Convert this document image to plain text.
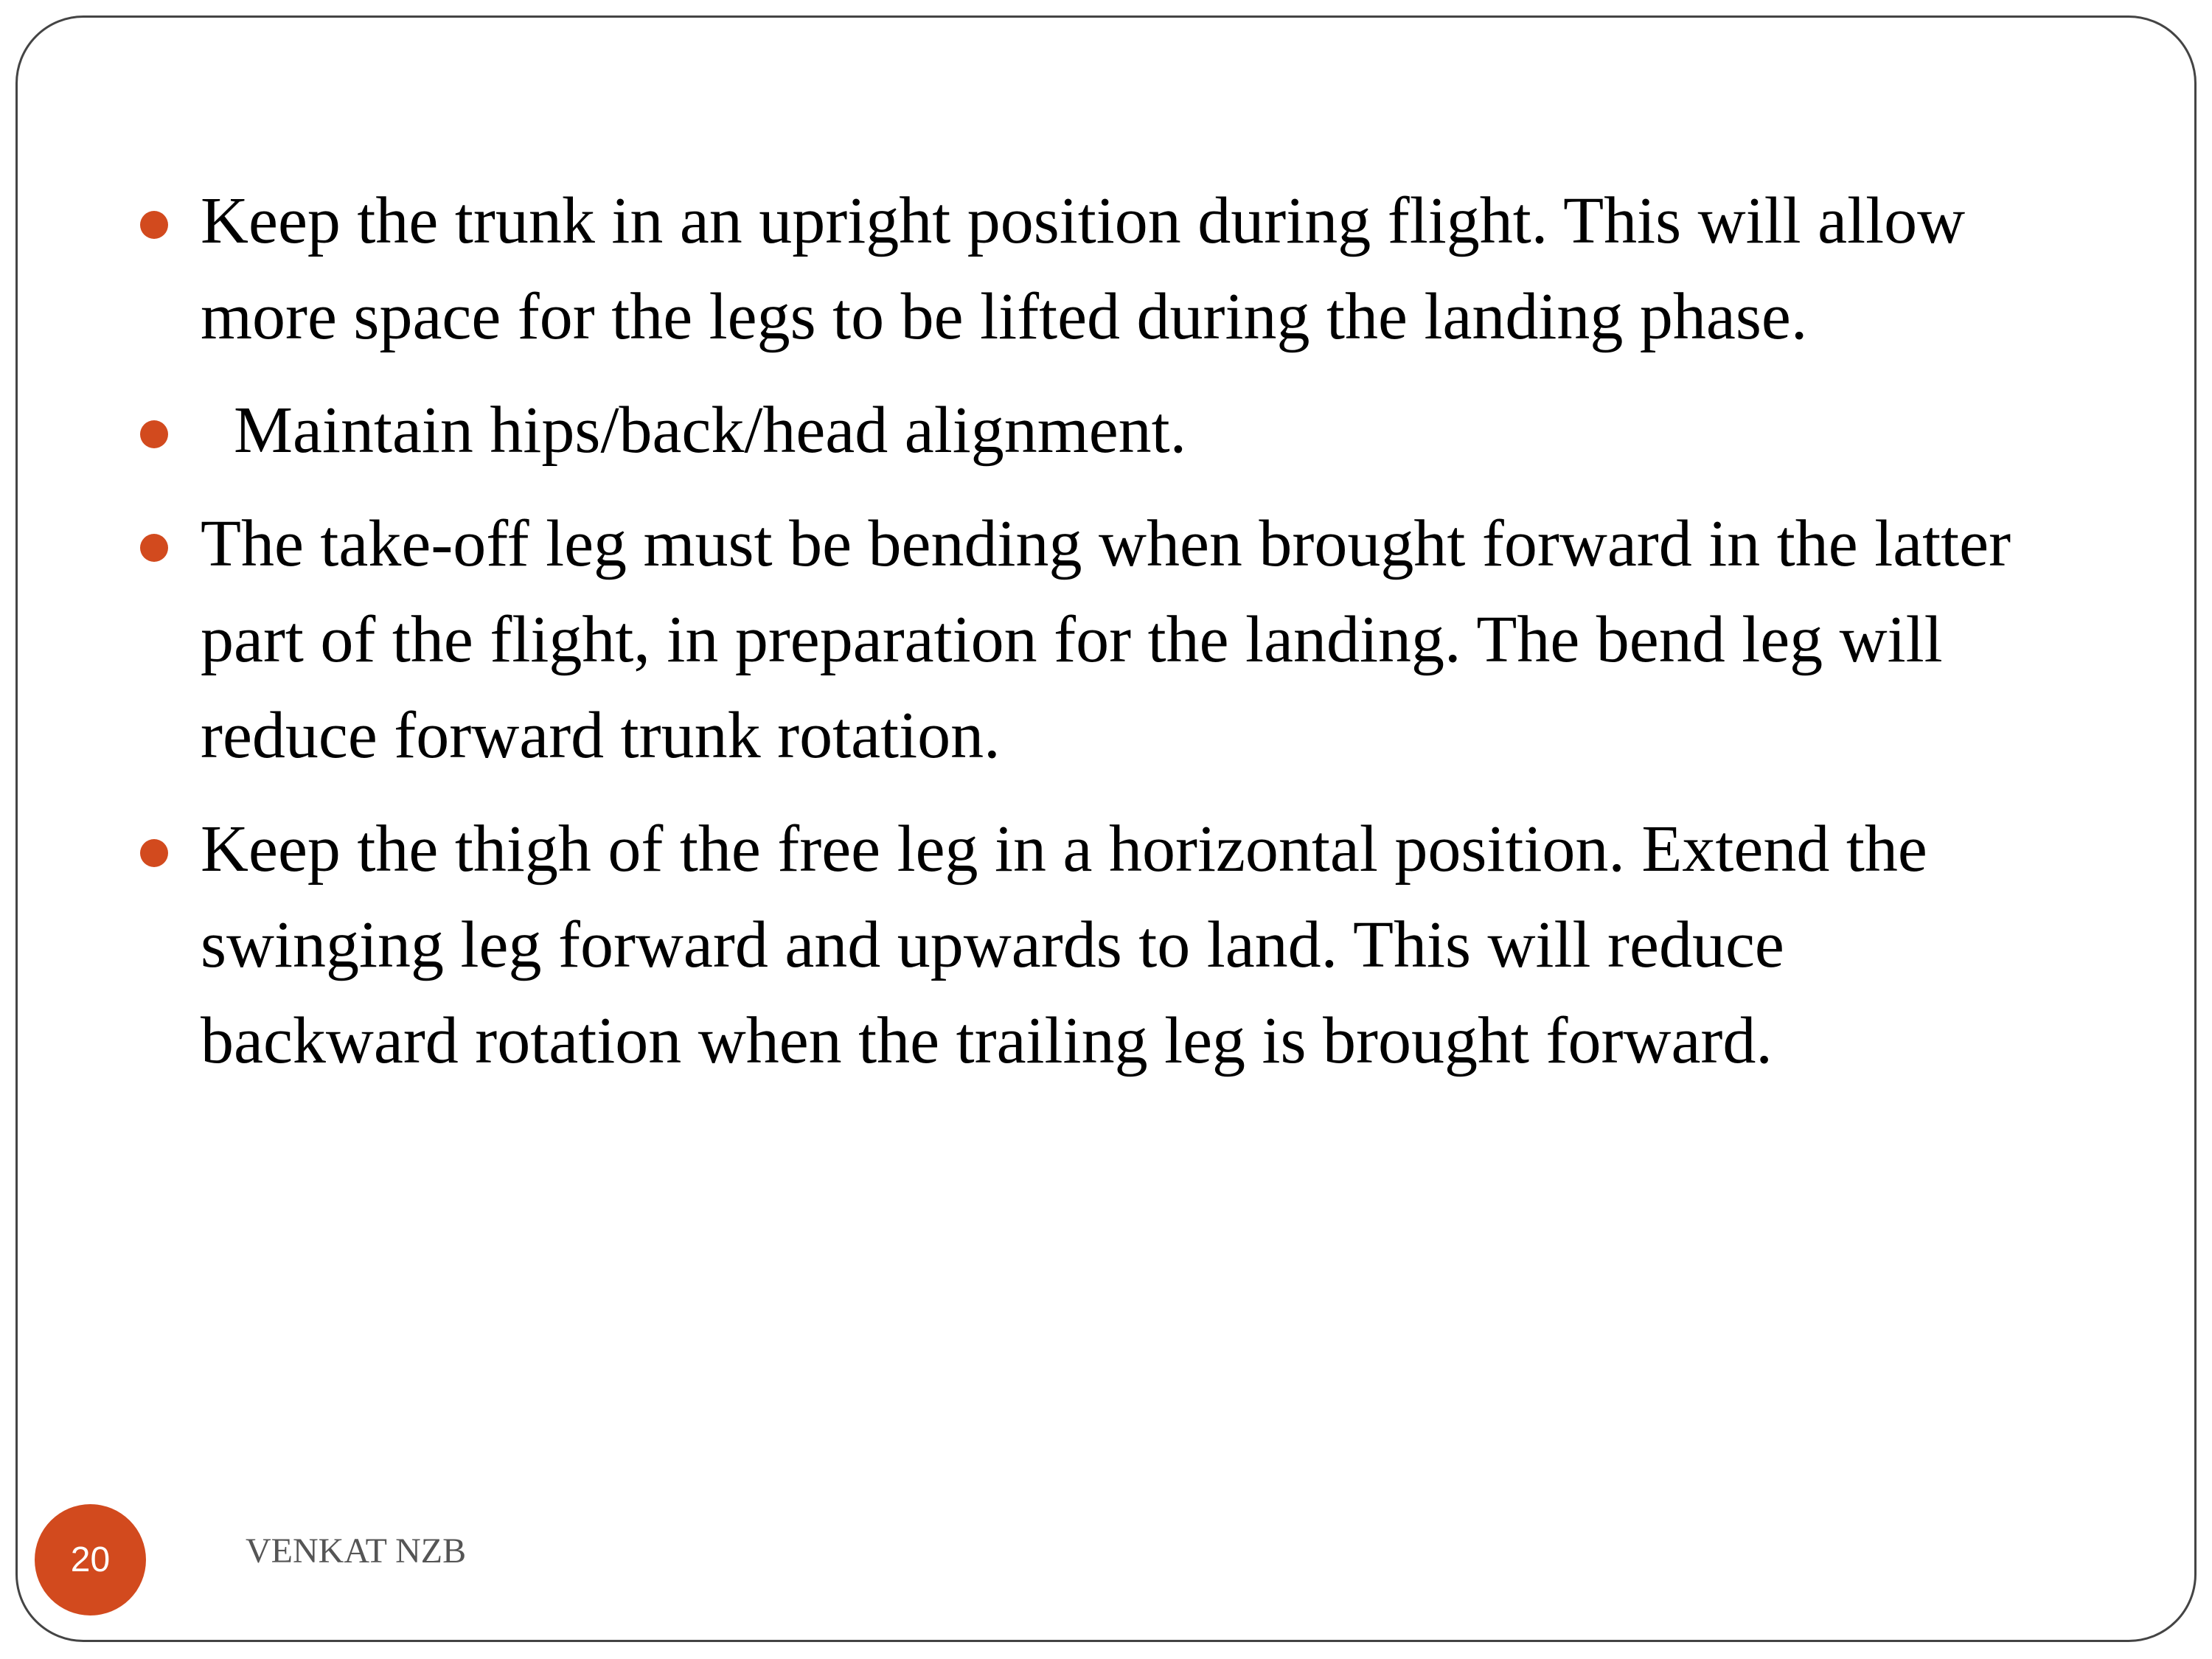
Keep the trunk in an upright position during flight. This will allow more space for the legs to be lifted during the landing phase.
Maintain hips/back/head alignment.
The take-off leg must be bending when brought forward in the latter part of the flight, in preparation for the landing. The bend leg will reduce forward trunk rotation.
Keep the thigh of the free leg in a horizontal position. Extend the swinging leg forward and upwards to land. This will reduce backward rotation when the trailing leg is brought forward.
20	VENKAT NZB
